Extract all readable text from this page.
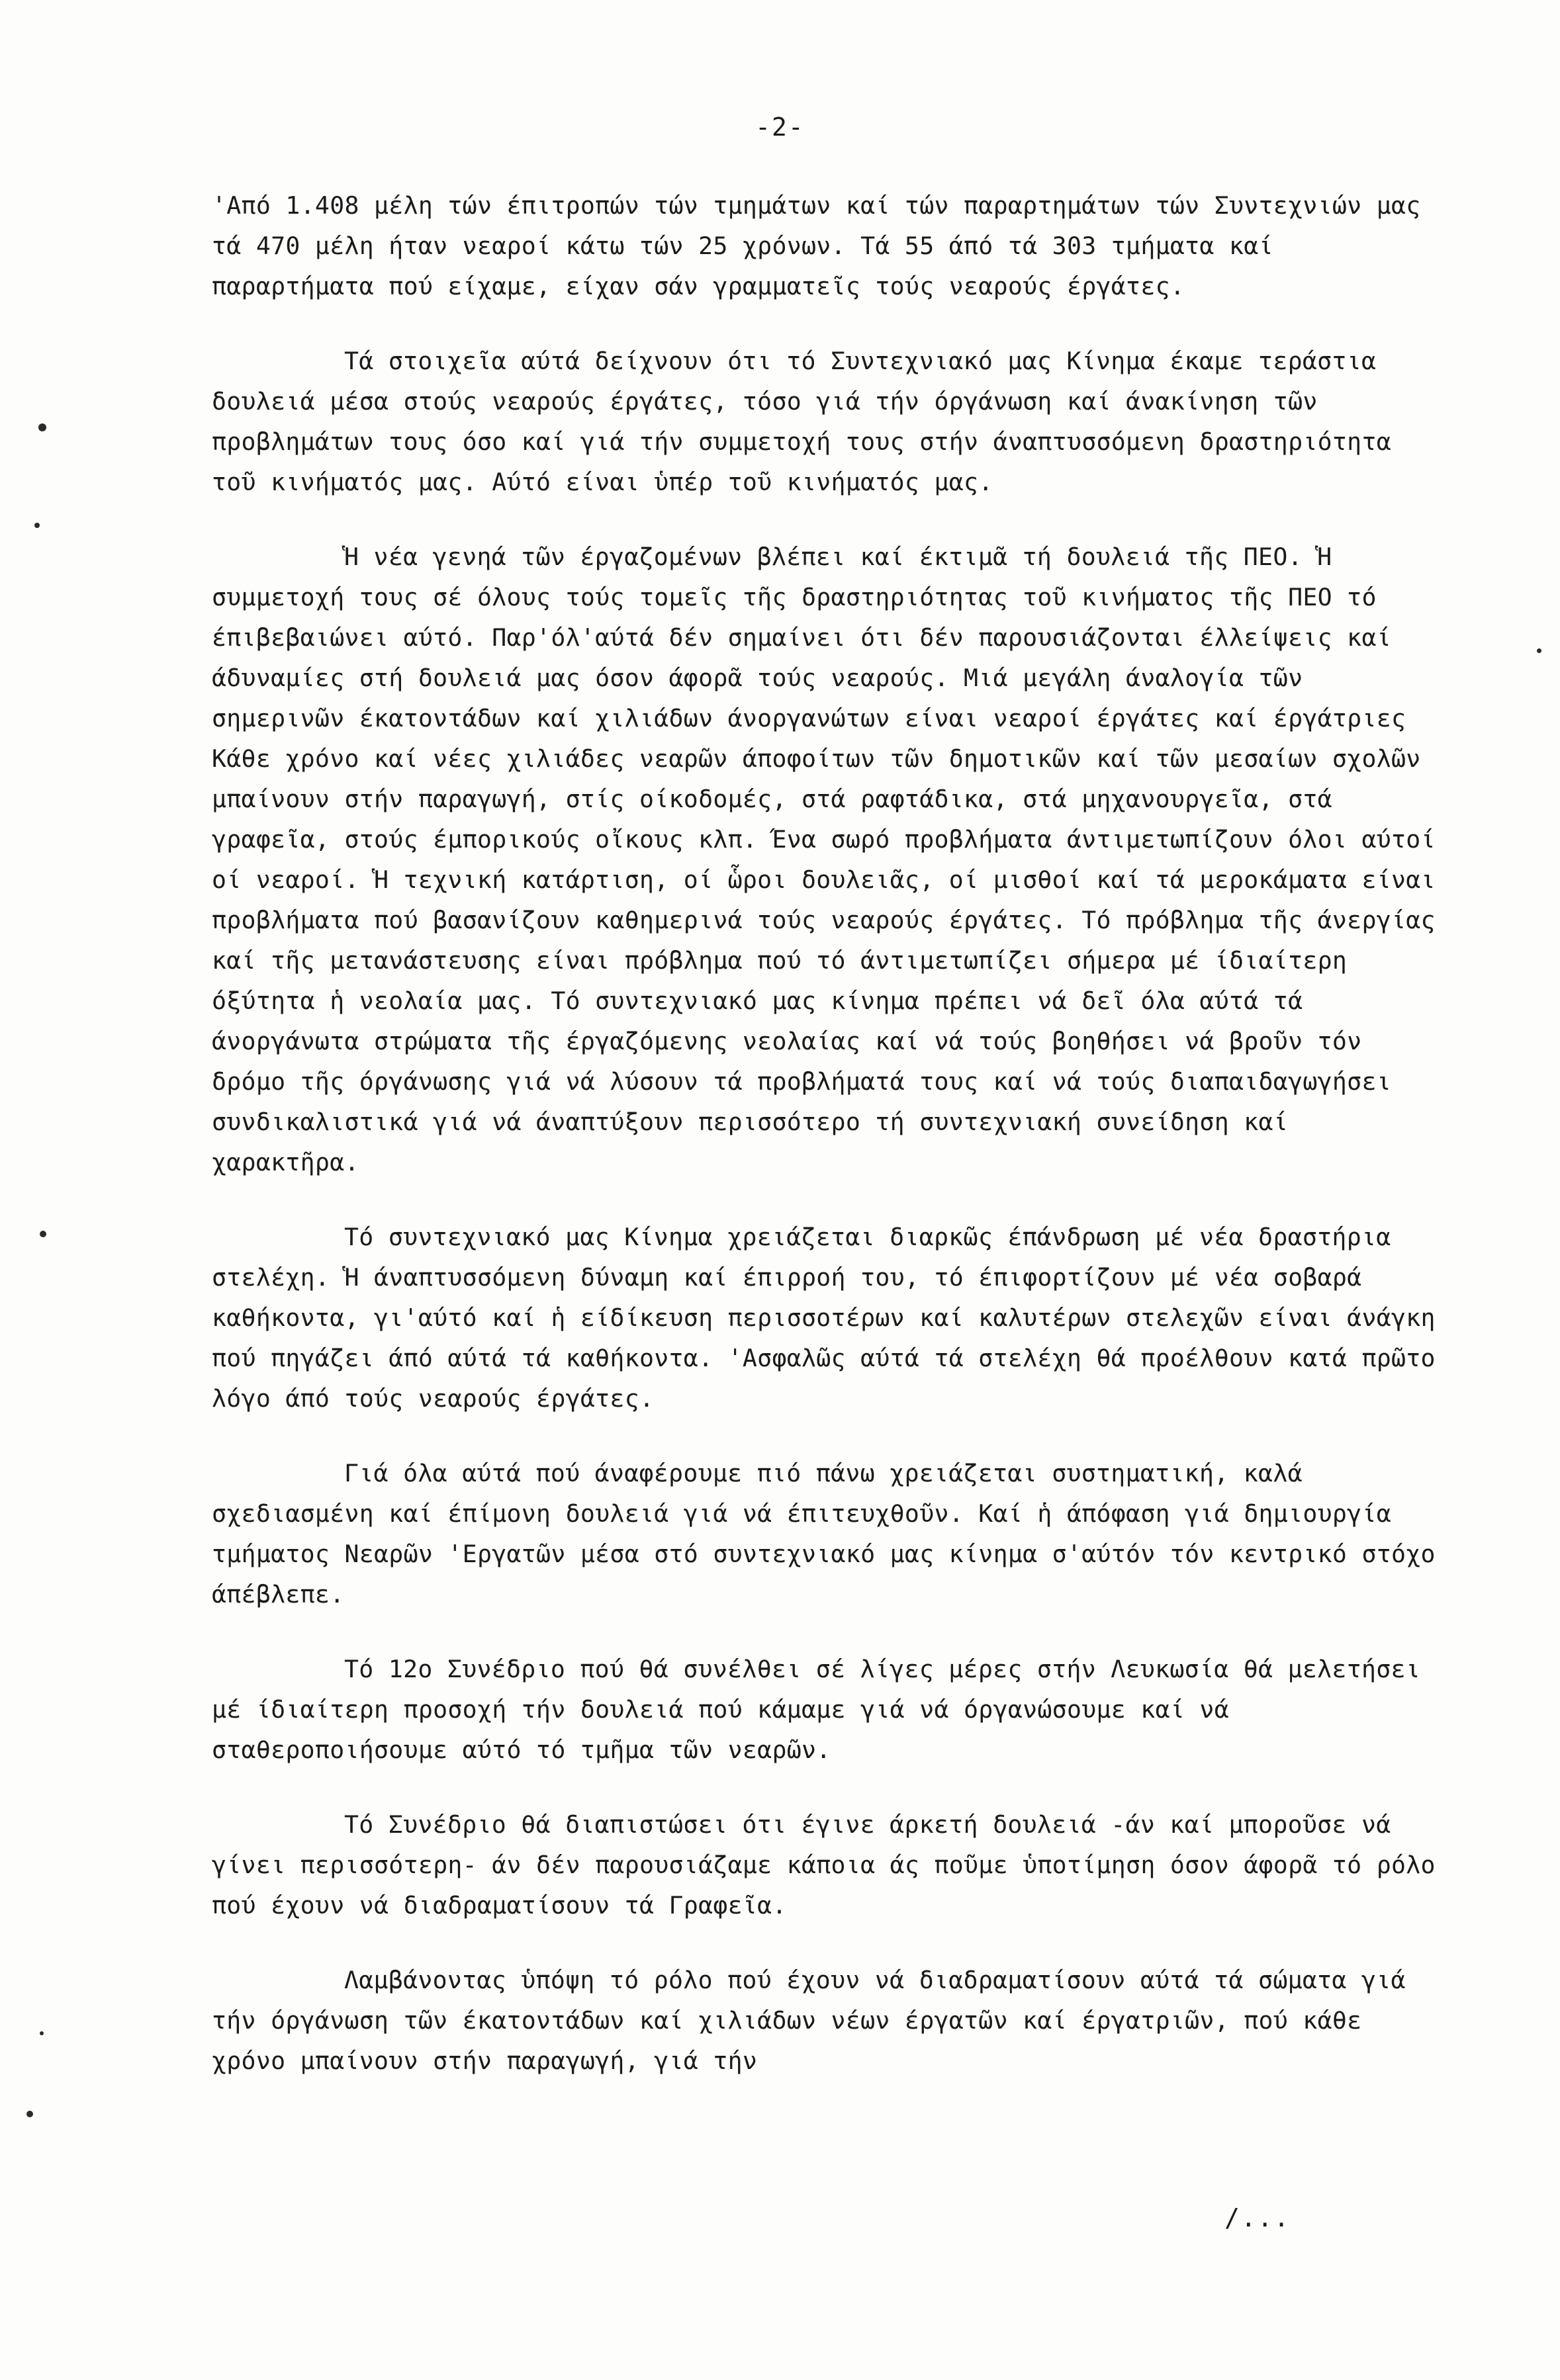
-2-

'Από 1.408 μέλη τών έπιτροπών τών τμημάτων καί τών παραρτημάτων τών Συντεχνιών μας τά 470 μέλη ήταν νεαροί κάτω τών 25 χρόνων. Τά 55 άπό τά 303 τμήματα καί παραρτήματα πού είχαμε, είχαν σάν γραμματεῖς τούς νεαρούς έργάτες.

Τά στοιχεῖα αύτά δείχνουν ότι τό Συντεχνιακό μας Κίνημα έκαμε τεράστια δουλειά μέσα στούς νεαρούς έργάτες, τόσο γιά τήν όργάνωση καί άνακίνηση τῶν προβλημάτων τους όσο καί γιά τήν συμμετοχή τους στήν άναπτυσσόμενη δραστηριότητα τοῦ κινήματός μας. Αύτό είναι ὑπέρ τοῦ κινήματός μας.

Ἡ νέα γενηά τῶν έργαζομένων βλέπει καί έκτιμᾶ τή δουλειά τῆς ΠΕΟ. Ἡ συμμετοχή τους σέ όλους τούς τομεῖς τῆς δραστηριότητας τοῦ κινήματος τῆς ΠΕΟ τό έπιβεβαιώνει αύτό. Παρ'όλ'αύτά δέν σημαίνει ότι δέν παρουσιάζονται έλλείψεις καί άδυναμίες στή δουλειά μας όσον άφορᾶ τούς νεαρούς. Μιά μεγάλη άναλογία τῶν σημερινῶν έκατοντάδων καί χιλιάδων άνοργανώτων είναι νεαροί έργάτες καί έργάτριες Κάθε χρόνο καί νέες χιλιάδες νεαρῶν άποφοίτων τῶν δημοτικῶν καί τῶν μεσαίων σχολῶν μπαίνουν στήν παραγωγή, στίς οίκοδομές, στά ραφτάδικα, στά μηχανουργεῖα, στά γραφεῖα, στούς έμπορικούς οἴκους κλπ. Ένα σωρό προβλήματα άντιμετωπίζουν όλοι αύτοί οί νεαροί. Ἡ τεχνική κατάρτιση, οί ὧροι δουλειᾶς, οί μισθοί καί τά μεροκάματα είναι προβλήματα πού βασανίζουν καθημερινά τούς νεαρούς έργάτες. Τό πρόβλημα τῆς άνεργίας καί τῆς μετανάστευσης είναι πρόβλημα πού τό άντιμετωπίζει σήμερα μέ ίδιαίτερη όξύτητα ἡ νεολαία μας. Τό συντεχνιακό μας κίνημα πρέπει νά δεῖ όλα αύτά τά άνοργάνωτα στρώματα τῆς έργαζόμενης νεολαίας καί νά τούς βοηθήσει νά βροῦν τόν δρόμο τῆς όργάνωσης γιά νά λύσουν τά προβλήματά τους καί νά τούς διαπαιδαγωγήσει συνδικαλιστικά γιά νά άναπτύξουν περισσότερο τή συντεχνιακή συνείδηση καί χαρακτῆρα.

Τό συντεχνιακό μας Κίνημα χρειάζεται διαρκῶς έπάνδρωση μέ νέα δραστήρια στελέχη. Ἡ άναπτυσσόμενη δύναμη καί έπιρροή του, τό έπιφορτίζουν μέ νέα σοβαρά καθήκοντα, γι'αύτό καί ἡ είδίκευση περισσοτέρων καί καλυτέρων στελεχῶν είναι άνάγκη πού πηγάζει άπό αύτά τά καθήκοντα. 'Ασφαλῶς αύτά τά στελέχη θά προέλθουν κατά πρῶτο λόγο άπό τούς νεαρούς έργάτες.

Γιά όλα αύτά πού άναφέρουμε πιό πάνω χρειάζεται συστηματική, καλά σχεδιασμένη καί έπίμονη δουλειά γιά νά έπιτευχθοῦν. Καί ἡ άπόφαση γιά δημιουργία τμήματος Νεαρῶν 'Εργατῶν μέσα στό συντεχνιακό μας κίνημα σ'αύτόν τόν κεντρικό στόχο άπέβλεπε.

Τό 12ο Συνέδριο πού θά συνέλθει σέ λίγες μέρες στήν Λευκωσία θά μελετήσει μέ ίδιαίτερη προσοχή τήν δουλειά πού κάμαμε γιά νά όργανώσουμε καί νά σταθεροποιήσουμε αύτό τό τμῆμα τῶν νεαρῶν.

Τό Συνέδριο θά διαπιστώσει ότι έγινε άρκετή δουλειά -άν καί μποροῦσε νά γίνει περισσότερη- άν δέν παρουσιάζαμε κάποια άς ποῦμε ὑποτίμηση όσον άφορᾶ τό ρόλο πού έχουν νά διαδραματίσουν τά Γραφεῖα.

Λαμβάνοντας ὑπόψη τό ρόλο πού έχουν νά διαδραματίσουν αύτά τά σώματα γιά τήν όργάνωση τῶν έκατοντάδων καί χιλιάδων νέων έργατῶν καί έργατριῶν, πού κάθε χρόνο μπαίνουν στήν παραγωγή, γιά τήν

/...
